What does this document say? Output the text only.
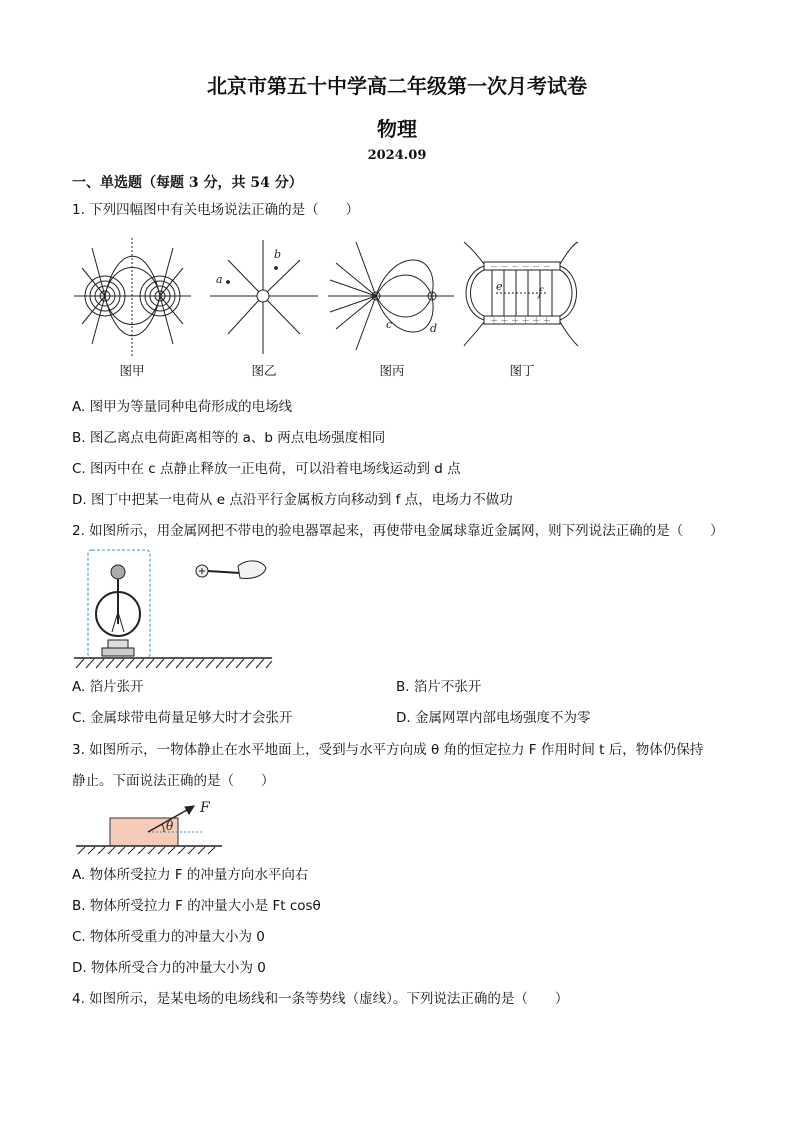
北京市第五十中学高二年级第一次月考试卷
物理
2024.09
一、单选题（每题 3 分，共 54 分）
1. 下列四幅图中有关电场说法正确的是（　　）
图甲
a
b
图乙
c	d
图丙
－ － － － － －
＋ ＋ ＋ ＋ ＋ ＋
e	f
图丁
A. 图甲为等量同种电荷形成的电场线
B. 图乙离点电荷距离相等的 a、b 两点电场强度相同
C. 图丙中在 c 点静止释放一正电荷，可以沿着电场线运动到 d 点
D. 图丁中把某一电荷从 e 点沿平行金属板方向移动到 f 点，电场力不做功
2. 如图所示，用金属网把不带电的验电器罩起来，再使带电金属球靠近金属网，则下列说法正确的是（　　）
A. 箔片张开	B. 箔片不张开
C. 金属球带电荷量足够大时才会张开	D. 金属网罩内部电场强度不为零
3. 如图所示，一物体静止在水平地面上，受到与水平方向成 θ 角的恒定拉力 F 作用时间 t 后，物体仍保持
静止。下面说法正确的是（　　）
F
θ
A. 物体所受拉力 F 的冲量方向水平向右
B. 物体所受拉力 F 的冲量大小是 Ft cosθ
C. 物体所受重力的冲量大小为 0
D. 物体所受合力的冲量大小为 0
4. 如图所示，是某电场的电场线和一条等势线（虚线）。下列说法正确的是（　　）
